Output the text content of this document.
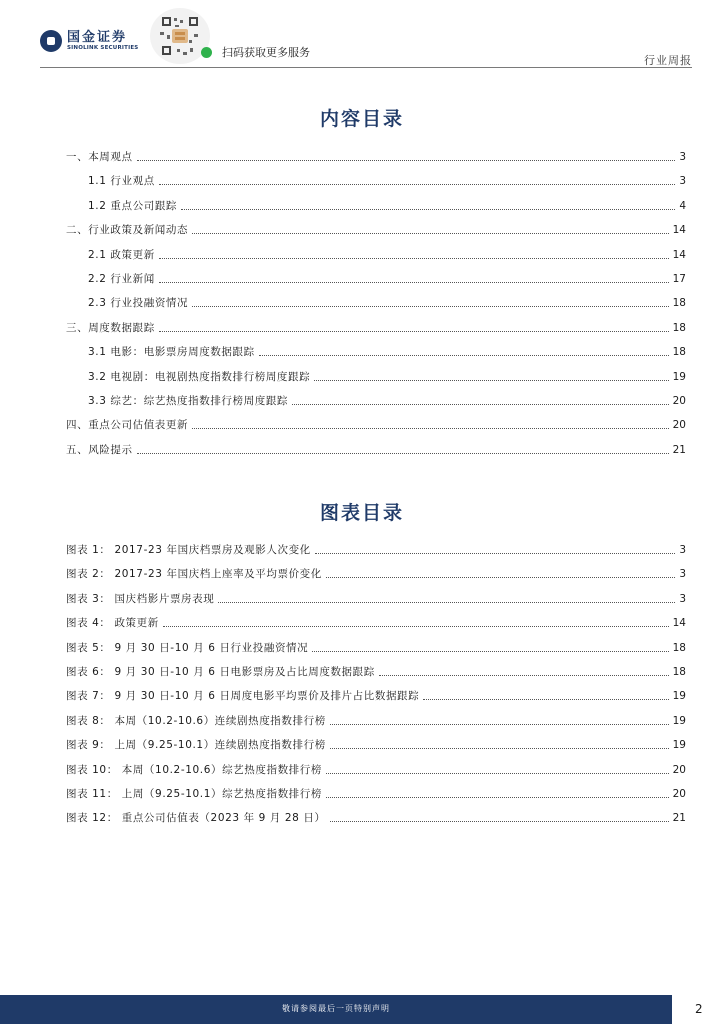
国金证券
SINOLINK SECURITIES	扫码获取更多服务
行业周报
内容目录
一、本周观点	3
1.1 行业观点	3
1.2 重点公司跟踪	4
二、行业政策及新闻动态	14
2.1 政策更新	14
2.2 行业新闻	17
2.3 行业投融资情况	18
三、周度数据跟踪	18
3.1 电影：电影票房周度数据跟踪	18
3.2 电视剧：电视剧热度指数排行榜周度跟踪	19
3.3 综艺：综艺热度指数排行榜周度跟踪	20
四、重点公司估值表更新	20
五、风险提示	21
图表目录
图表 1： 2017-23 年国庆档票房及观影人次变化	3
图表 2： 2017-23 年国庆档上座率及平均票价变化	3
图表 3： 国庆档影片票房表现	3
图表 4： 政策更新	14
图表 5： 9 月 30 日-10 月 6 日行业投融资情况	18
图表 6： 9 月 30 日-10 月 6 日电影票房及占比周度数据跟踪	18
图表 7： 9 月 30 日-10 月 6 日周度电影平均票价及排片占比数据跟踪	19
图表 8： 本周（10.2-10.6）连续剧热度指数排行榜	19
图表 9： 上周（9.25-10.1）连续剧热度指数排行榜	19
图表 10： 本周（10.2-10.6）综艺热度指数排行榜	20
图表 11： 上周（9.25-10.1）综艺热度指数排行榜	20
图表 12： 重点公司估值表（2023 年 9 月 28 日）	21
敬请参阅最后一页特别声明	2
